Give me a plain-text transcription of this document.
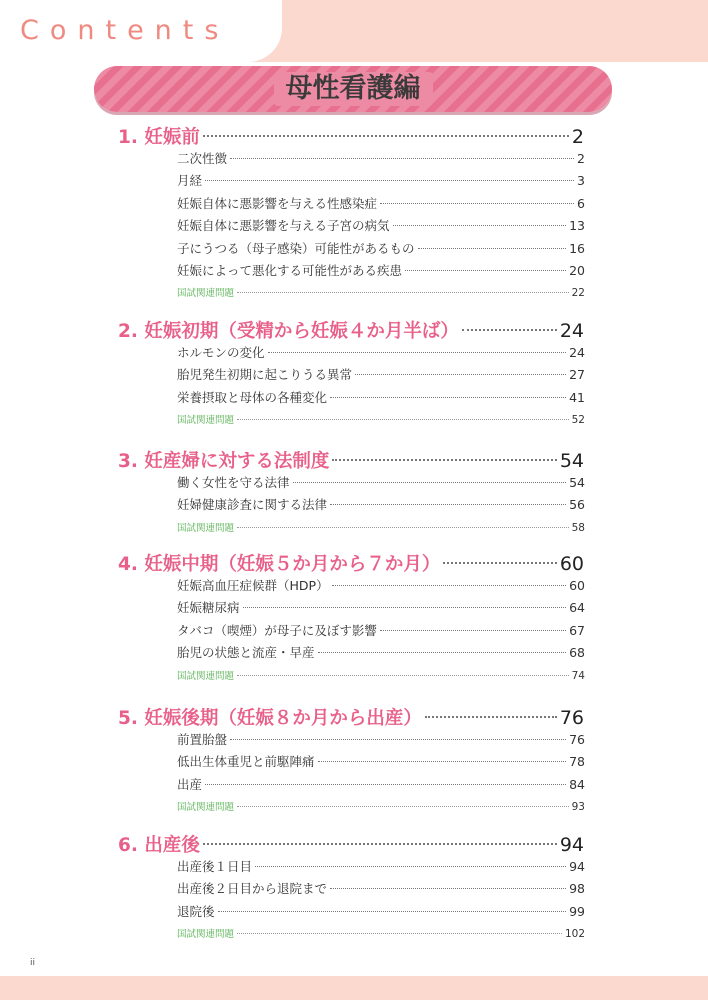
Contents
母性看護編
1. 妊娠前	2
二次性徴	2
月経	3
妊娠自体に悪影響を与える性感染症	6
妊娠自体に悪影響を与える子宮の病気	13
子にうつる（母子感染）可能性があるもの	16
妊娠によって悪化する可能性がある疾患	20
国試関連問題	22
2. 妊娠初期（受精から妊娠４か月半ば）	24
ホルモンの変化	24
胎児発生初期に起こりうる異常	27
栄養摂取と母体の各種変化	41
国試関連問題	52
3. 妊産婦に対する法制度	54
働く女性を守る法律	54
妊婦健康診査に関する法律	56
国試関連問題	58
4. 妊娠中期（妊娠５か月から７か月）	60
妊娠高血圧症候群（HDP）	60
妊娠糖尿病	64
タバコ（喫煙）が母子に及ぼす影響	67
胎児の状態と流産・早産	68
国試関連問題	74
5. 妊娠後期（妊娠８か月から出産）	76
前置胎盤	76
低出生体重児と前駆陣痛	78
出産	84
国試関連問題	93
6. 出産後	94
出産後１日目	94
出産後２日目から退院まで	98
退院後	99
国試関連問題	102
ii
